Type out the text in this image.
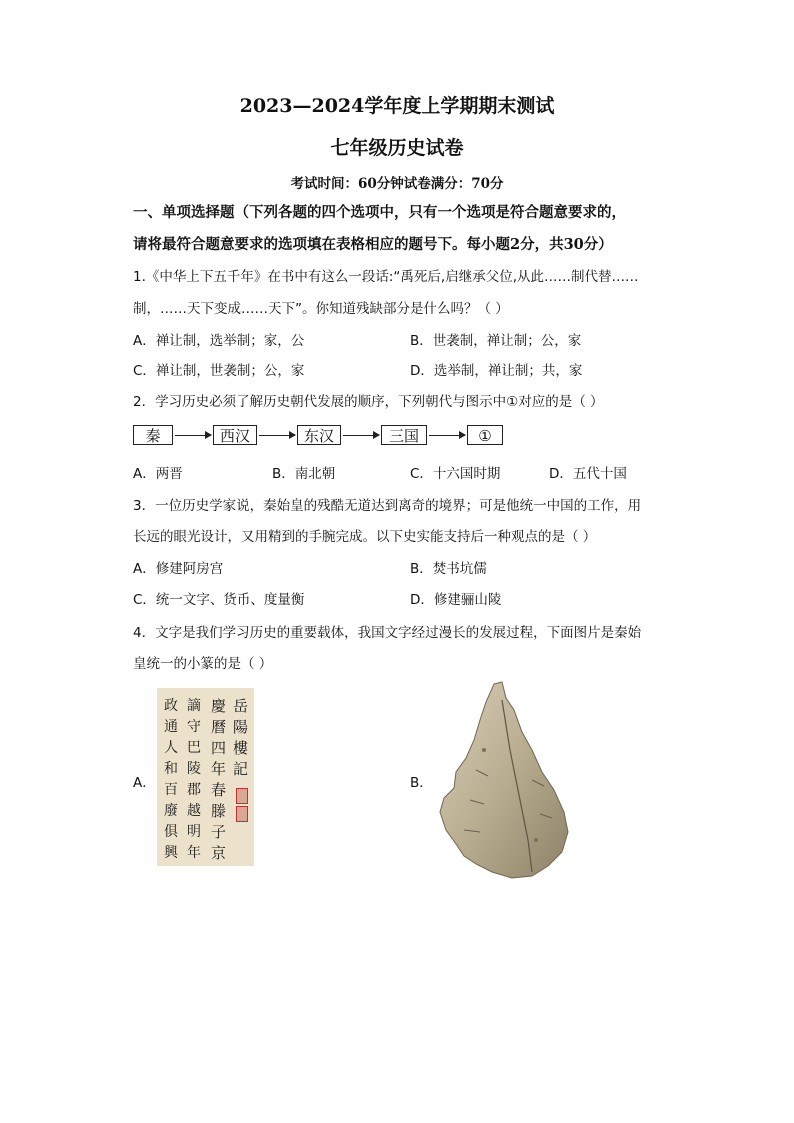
2023—2024学年度上学期期末测试
七年级历史试卷
考试时间：60分钟试卷满分：70分
一、单项选择题（下列各题的四个选项中，只有一个选项是符合题意要求的，
请将最符合题意要求的选项填在表格相应的题号下。每小题2分，共30分）
1.《中华上下五千年》在书中有这么一段话:“禹死后,启继承父位,从此……制代替……
制，……天下变成……天下”。你知道残缺部分是什么吗？（ ）
A．禅让制，选举制；家，公	B．世袭制，禅让制；公，家
C．禅让制，世袭制；公，家	D．选举制，禅让制；共，家
2．学习历史必须了解历史朝代发展的顺序，下列朝代与图示中①对应的是（ ）
秦	西汉	东汉	三国	①
A．两晋	B．南北朝	C．十六国时期	D．五代十国
3．一位历史学家说，秦始皇的残酷无道达到离奇的境界；可是他统一中国的工作，用
长远的眼光设计，又用精到的手腕完成。以下史实能支持后一种观点的是（ ）
A．修建阿房宫	B．焚书坑儒
C．统一文字、货币、度量衡	D．修建骊山陵
4．文字是我们学习历史的重要载体，我国文字经过漫长的发展过程，下面图片是秦始
皇统一的小篆的是（ ）
A．
岳陽樓記
慶曆四年春滕子京
謫守巴陵郡越明年
政通人和百廢俱興
B．
